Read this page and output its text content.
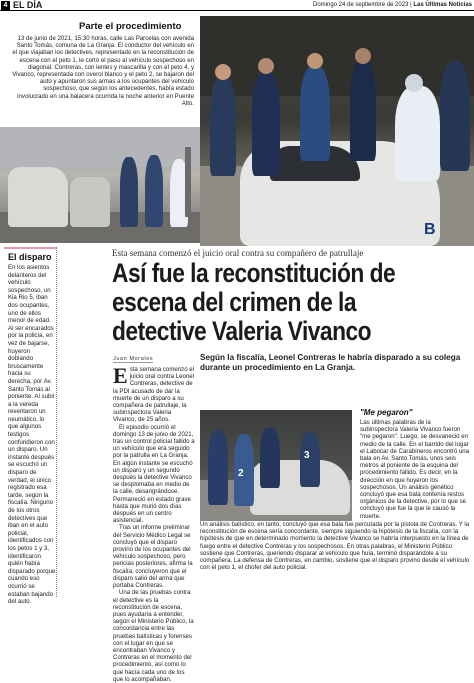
4 EL DÍA	Domingo 24 de septiembre de 2023 | Las Últimas Noticias
Parte el procedimiento

13 de junio de 2021, 15:30 horas, calle Las Parcelas con avenida Santo Tomás, comuna de La Granja. El conductor del vehículo en el que viajaban los detectives, representado en la reconstitución de escena con el peto 1, le cortó el paso al vehículo sospechoso en diagonal. Contreras, con lentes y mascarilla y con el peto 4, y Vivanco, representada con overol blanco y el peto 2, se bajaron del auto y apuntaron sus armas a los ocupantes del vehículo sospechoso, que según los antecedentes, había estado involucrado en una balacera ocurrida la noche anterior en Puente Alto.

B
El disparo
En los asientos delanteros del vehículo sospechoso, un Kia Rio 5, iban dos ocupantes, uno de ellos menor de edad. Al ser encarados por la policía, en vez de bajarse, huyeron doblando bruscamente hacia su derecha, por Av. Santo Tomás al poniente. Al subir a la vereda reventaron un neumático, lo que algunos testigos confundieron con un disparo. Un instante después se escuchó un disparo de verdad, el único registrado esa tarde, según la fiscalía. Ninguno de los otros detectives que iban en el auto policial, identificados con los petos 1 y 3, identificaron quién había disparado porque cuando eso ocurrió se estaban bajando del auto.
Esta semana comenzó el juicio oral contra su compañero de patrullaje
Así fue la reconstitución de escena del crimen de la detective Valeria Vivanco
Juan Morales	Según la fiscalía, Leonel Contreras le habría disparado a su colega durante un procedimiento en La Granja.

Esta semana comenzó el juicio oral contra Leonel Contreras, detective de la PDI acusado de dar la muerte de un disparo a su compañera de patrullaje, la subinspectora Valeria Vivanco, de 25 años.

El episodio ocurrió el domingo 13 de junio de 2021, tras un control policial fallido a un vehículo que era seguido por la patrulla en La Granja. En algún instante se escuchó un disparo y un segundo después la detective Vivanco se desplomaba en medio de la calle, desangrándose. Permaneció en estado grave hasta que murió dos días después en un centro asistencial.

Tras un informe preliminar del Servicio Médico Legal se concluyó que el disparo provino de los ocupantes del vehículo sospechoso, pero pericias posteriores, afirma la fiscalía, concluyeron que el disparo salió del arma que portaba Contreras.

Una de las pruebas contra el detective es la reconstitución de escena, pues ayudaría a entender, según el Ministerio Público, la concordancia entre las pruebas balísticas y forenses con el lugar en que se encontraban Vivanco y Contreras en el momento del procedimiento, así como lo que hacía cada uno de los que lo acompañaban.

2
3
"Me pegaron"

Las últimas palabras de la subinspectora Valeria Vivanco fueron "me pegaron". Luego, se desvaneció en medio de la calle. En el barrido del lugar el Labocar de Carabineros encontró una bala en Av. Santo Tomás, unos seis metros al poniente de la esquina del procedimiento fallido. Es decir, en la dirección en que huyeron los sospechosos. Un análisis genético concluyó que esa bala contenía restos orgánicos de la detective, por lo que se concluyó que fue la que le causó la muerte.

Un análisis balístico, en tanto, concluyó que esa bala fue percutada por la pistola de Contreras. Y la reconstitución de escena sería concordante, siempre siguiendo la hipótesis de la fiscalía, con la hipótesis de que en determinado momento la detective Vivanco se habría interpuesto en la línea de fuego entre el detective Contreras y los sospechosos. En otras palabras, el Ministerio Público sostiene que Contreras, queriendo disparar al vehículo que huía, terminó disparándole a su compañera. La defensa de Contreras, en cambio, sostiene que el disparo provino desde el vehículo con el peto 1, el chofer del auto policial.
